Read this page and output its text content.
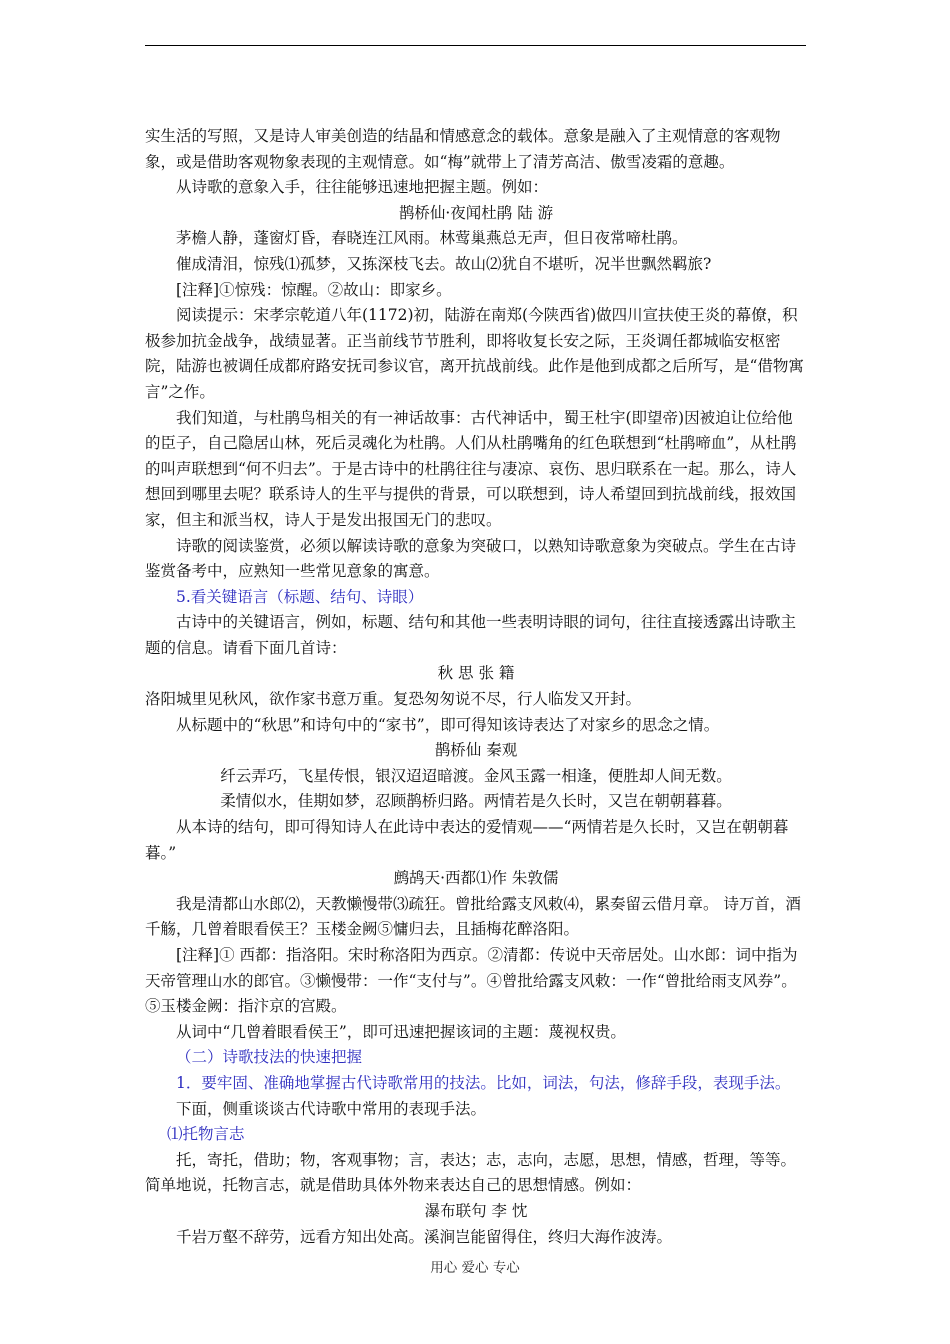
实生活的写照，又是诗人审美创造的结晶和情感意念的载体。意象是融入了主观情意的客观物象，或是借助客观物象表现的主观情意。如“梅”就带上了清芳高洁、傲雪凌霜的意趣。

从诗歌的意象入手，往往能够迅速地把握主题。例如：

鹊桥仙·夜闻杜鹃 陆 游

茅檐人静，蓬窗灯昏，春晓连江风雨。林莺巢燕总无声，但日夜常啼杜鹃。

催成清泪，惊残⑴孤梦，又拣深枝飞去。故山⑵犹自不堪听，况半世飘然羁旅?

[注释]①惊残：惊醒。②故山：即家乡。

阅读提示：宋孝宗乾道八年(1172)初，陆游在南郑(今陕西省)做四川宣扶使王炎的幕僚，积极参加抗金战争，战绩显著。正当前线节节胜利，即将收复长安之际，王炎调任都城临安枢密院，陆游也被调任成都府路安抚司参议官，离开抗战前线。此作是他到成都之后所写，是“借物寓言”之作。

我们知道，与杜鹃鸟相关的有一神话故事：古代神话中，蜀王杜宇(即望帝)因被迫让位给他的臣子，自己隐居山林，死后灵魂化为杜鹃。人们从杜鹃嘴角的红色联想到“杜鹃啼血”，从杜鹃的叫声联想到“何不归去”。于是古诗中的杜鹃往往与凄凉、哀伤、思归联系在一起。那么，诗人想回到哪里去呢？联系诗人的生平与提供的背景，可以联想到，诗人希望回到抗战前线，报效国家，但主和派当权，诗人于是发出报国无门的悲叹。

诗歌的阅读鉴赏，必须以解读诗歌的意象为突破口，以熟知诗歌意象为突破点。学生在古诗鉴赏备考中，应熟知一些常见意象的寓意。

5.看关键语言（标题、结句、诗眼）

古诗中的关键语言，例如，标题、结句和其他一些表明诗眼的词句，往往直接透露出诗歌主题的信息。请看下面几首诗：

秋 思 张 籍

洛阳城里见秋风，欲作家书意万重。复恐匆匆说不尽，行人临发又开封。

从标题中的“秋思”和诗句中的“家书”，即可得知该诗表达了对家乡的思念之情。

鹊桥仙 秦观

纤云弄巧，飞星传恨，银汉迢迢暗渡。金风玉露一相逢，便胜却人间无数。

柔情似水，佳期如梦，忍顾鹊桥归路。两情若是久长时，又岂在朝朝暮暮。

从本诗的结句，即可得知诗人在此诗中表达的爱情观——“两情若是久长时，又岂在朝朝暮暮。”

鹧鸪天·西都⑴作 朱敦儒

我是清都山水郎⑵，天教懒慢带⑶疏狂。曾批给露支风敕⑷，累奏留云借月章。 诗万首，酒千觞，几曾着眼看侯王？玉楼金阙⑤慵归去，且插梅花醉洛阳。

[注释]① 西都：指洛阳。宋时称洛阳为西京。②清都：传说中天帝居处。山水郎：词中指为天帝管理山水的郎官。③懒慢带：一作“支付与”。④曾批给露支风敕：一作“曾批给雨支风券”。⑤玉楼金阙：指汴京的宫殿。

从词中“几曾着眼看侯王”，即可迅速把握该词的主题：蔑视权贵。

（二）诗歌技法的快速把握

1．要牢固、准确地掌握古代诗歌常用的技法。比如，词法，句法，修辞手段，表现手法。

下面，侧重谈谈古代诗歌中常用的表现手法。

⑴托物言志

托，寄托，借助；物，客观事物；言，表达；志，志向，志愿，思想，情感，哲理，等等。简单地说，托物言志，就是借助具体外物来表达自己的思想情感。例如：

瀑布联句 李 忱

千岩万壑不辞劳，远看方知出处高。溪涧岂能留得住，终归大海作波涛。

用心 爱心 专心
